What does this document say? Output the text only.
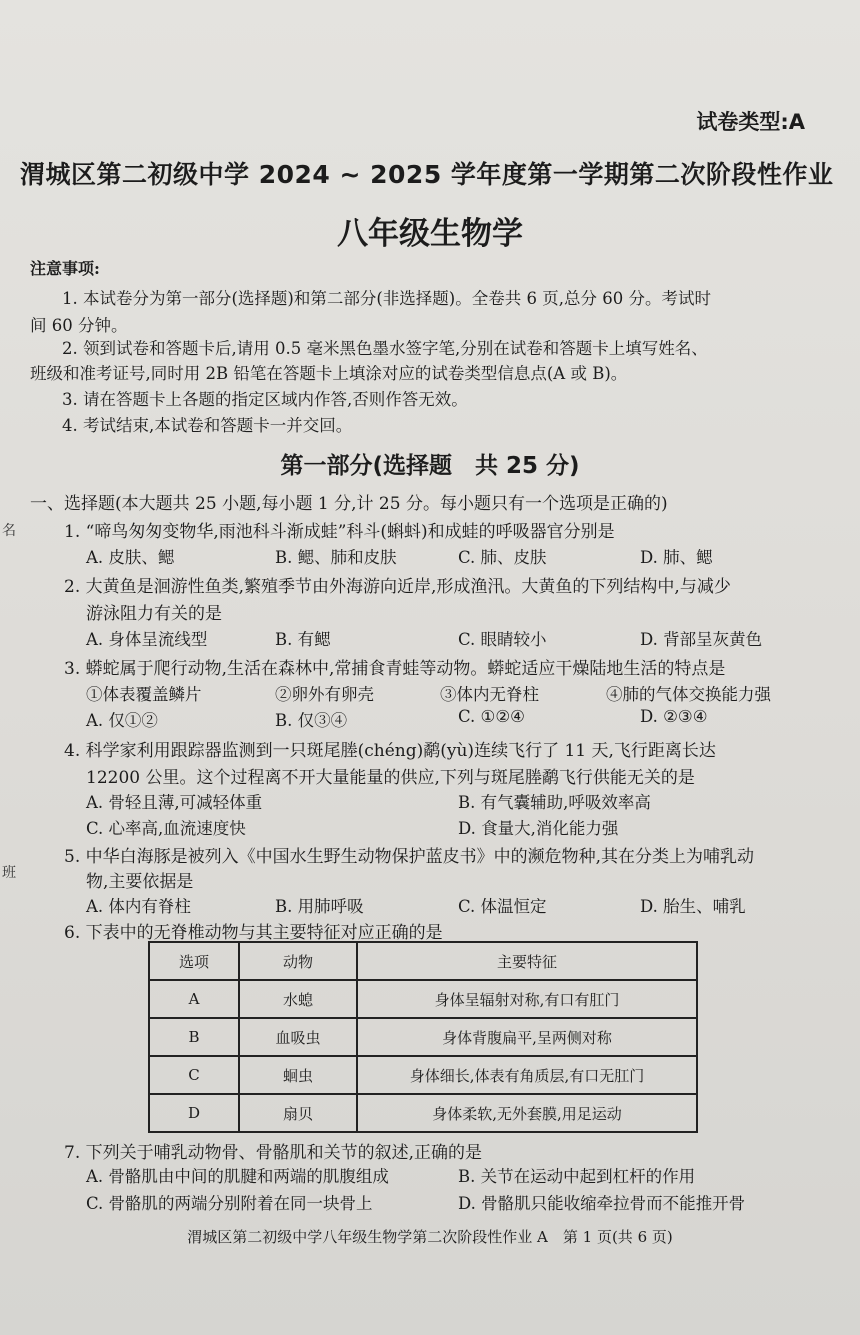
试卷类型:A
渭城区第二初级中学 2024 ~ 2025 学年度第一学期第二次阶段性作业
八年级生物学
注意事项:
1. 本试卷分为第一部分(选择题)和第二部分(非选择题)。全卷共 6 页,总分 60 分。考试时
间 60 分钟。
2. 领到试卷和答题卡后,请用 0.5 毫米黑色墨水签字笔,分别在试卷和答题卡上填写姓名、
班级和准考证号,同时用 2B 铅笔在答题卡上填涂对应的试卷类型信息点(A 或 B)。
3. 请在答题卡上各题的指定区域内作答,否则作答无效。
4. 考试结束,本试卷和答题卡一并交回。
第一部分(选择题　共 25 分)
一、选择题(本大题共 25 小题,每小题 1 分,计 25 分。每小题只有一个选项是正确的)
1. “啼鸟匆匆变物华,雨池科斗渐成蛙”科斗(蝌蚪)和成蛙的呼吸器官分别是
A. 皮肤、鳃	B. 鳃、肺和皮肤	C. 肺、皮肤	D. 肺、鳃
2. 大黄鱼是洄游性鱼类,繁殖季节由外海游向近岸,形成渔汛。大黄鱼的下列结构中,与减少
游泳阻力有关的是
A. 身体呈流线型	B. 有鳃	C. 眼睛较小	D. 背部呈灰黄色
3. 蟒蛇属于爬行动物,生活在森林中,常捕食青蛙等动物。蟒蛇适应干燥陆地生活的特点是
①体表覆盖鳞片	②卵外有卵壳	③体内无脊柱	④肺的气体交换能力强
A. 仅①②	B. 仅③④	C. ①②④	D. ②③④
4. 科学家利用跟踪器监测到一只斑尾塍(chéng)鹬(yù)连续飞行了 11 天,飞行距离长达
12200 公里。这个过程离不开大量能量的供应,下列与斑尾塍鹬飞行供能无关的是
A. 骨轻且薄,可减轻体重	B. 有气囊辅助,呼吸效率高
C. 心率高,血流速度快	D. 食量大,消化能力强
5. 中华白海豚是被列入《中国水生野生动物保护蓝皮书》中的濒危物种,其在分类上为哺乳动
物,主要依据是
A. 体内有脊柱	B. 用肺呼吸	C. 体温恒定	D. 胎生、哺乳
6. 下表中的无脊椎动物与其主要特征对应正确的是
选项	动物	主要特征
A	水螅	身体呈辐射对称,有口有肛门
B	血吸虫	身体背腹扁平,呈两侧对称
C	蛔虫	身体细长,体表有角质层,有口无肛门
D	扇贝	身体柔软,无外套膜,用足运动
7. 下列关于哺乳动物骨、骨骼肌和关节的叙述,正确的是
A. 骨骼肌由中间的肌腱和两端的肌腹组成	B. 关节在运动中起到杠杆的作用
C. 骨骼肌的两端分别附着在同一块骨上	D. 骨骼肌只能收缩牵拉骨而不能推开骨
渭城区第二初级中学八年级生物学第二次阶段性作业 A　第 1 页(共 6 页)
名
班
